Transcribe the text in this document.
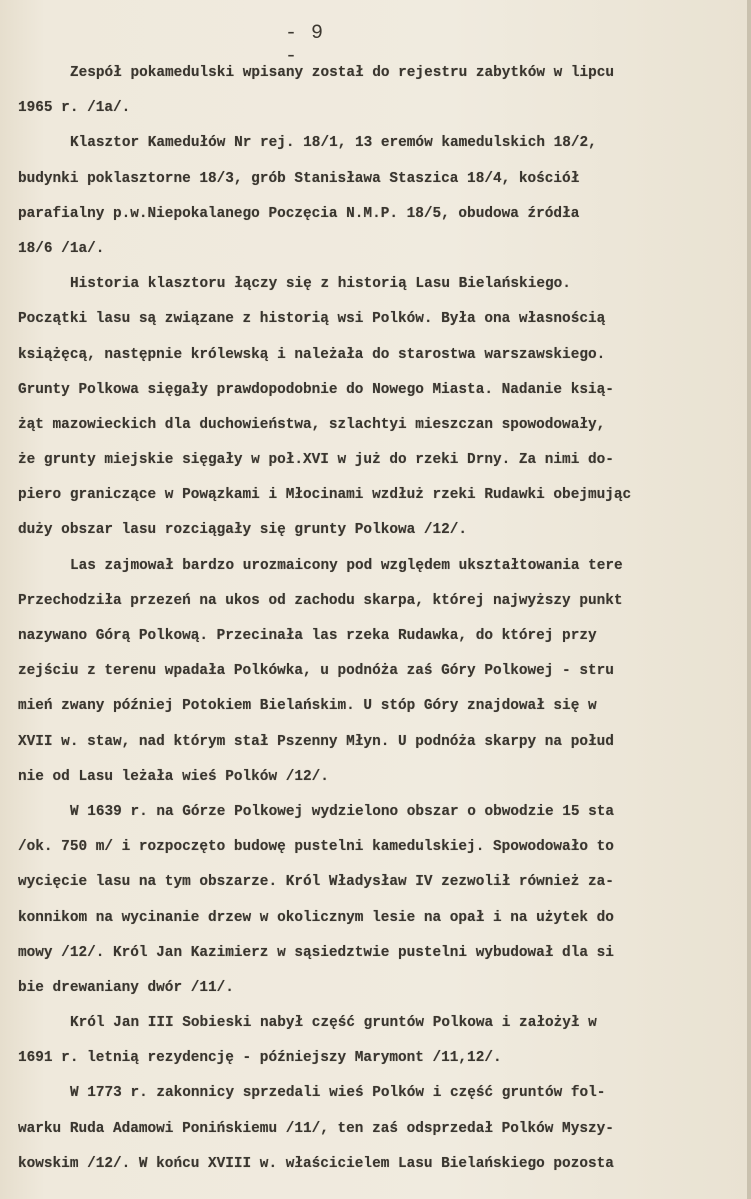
- 9 -
Zespół pokamedulski wpisany został do rejestru zabytków w lipcu
1965 r. /1a/.
Klasztor Kamedułów Nr rej. 18/1, 13 eremów kamedulskich 18/2,
budynki poklasztorne 18/3, grób Stanisława Staszica 18/4, kościół
parafialny p.w.Niepokalanego Poczęcia N.M.P. 18/5, obudowa źródła
18/6 /1a/.
Historia klasztoru łączy się z historią Lasu Bielańskiego.
Początki lasu są związane z historią wsi Polków. Była ona własnością
książęcą, następnie królewską i należała do starostwa warszawskiego.
Grunty Polkowa sięgały prawdopodobnie do Nowego Miasta. Nadanie ksią-
żąt mazowieckich dla duchowieństwa, szlachtyi mieszczan spowodowały,
że grunty miejskie sięgały w poł.XVI w już do rzeki Drny. Za nimi do-
piero graniczące w Powązkami i Młocinami wzdłuż rzeki Rudawki obejmując
duży obszar lasu rozciągały się grunty Polkowa /12/.
Las zajmował bardzo urozmaicony pod względem ukształtowania tere
Przechodziła przezeń na ukos od zachodu skarpa, której najwyższy punkt
nazywano Górą Polkową. Przecinała las rzeka Rudawka, do której przy
zejściu z terenu wpadała Polkówka, u podnóża zaś Góry Polkowej - stru
mień zwany później Potokiem Bielańskim. U stóp Góry znajdował się w
XVII w. staw, nad którym stał Pszenny Młyn. U podnóża skarpy na połud
nie od Lasu leżała wieś Polków /12/.
W 1639 r. na Górze Polkowej wydzielono obszar o obwodzie 15 sta
/ok. 750 m/ i rozpoczęto budowę pustelni kamedulskiej. Spowodowało to
wycięcie lasu na tym obszarze. Król Władysław IV zezwolił również za-
konnikom na wycinanie drzew w okolicznym lesie na opał i na użytek do
mowy /12/. Król Jan Kazimierz w sąsiedztwie pustelni wybudował dla si
bie drewaniany dwór /11/.
Król Jan III Sobieski nabył część gruntów Polkowa i założył w
1691 r. letnią rezydencję - późniejszy Marymont /11,12/.
W 1773 r. zakonnicy sprzedali wieś Polków i część gruntów fol-
warku Ruda Adamowi Ponińskiemu /11/, ten zaś odsprzedał Polków Myszy-
kowskim /12/. W końcu XVIII w. właścicielem Lasu Bielańskiego pozosta
